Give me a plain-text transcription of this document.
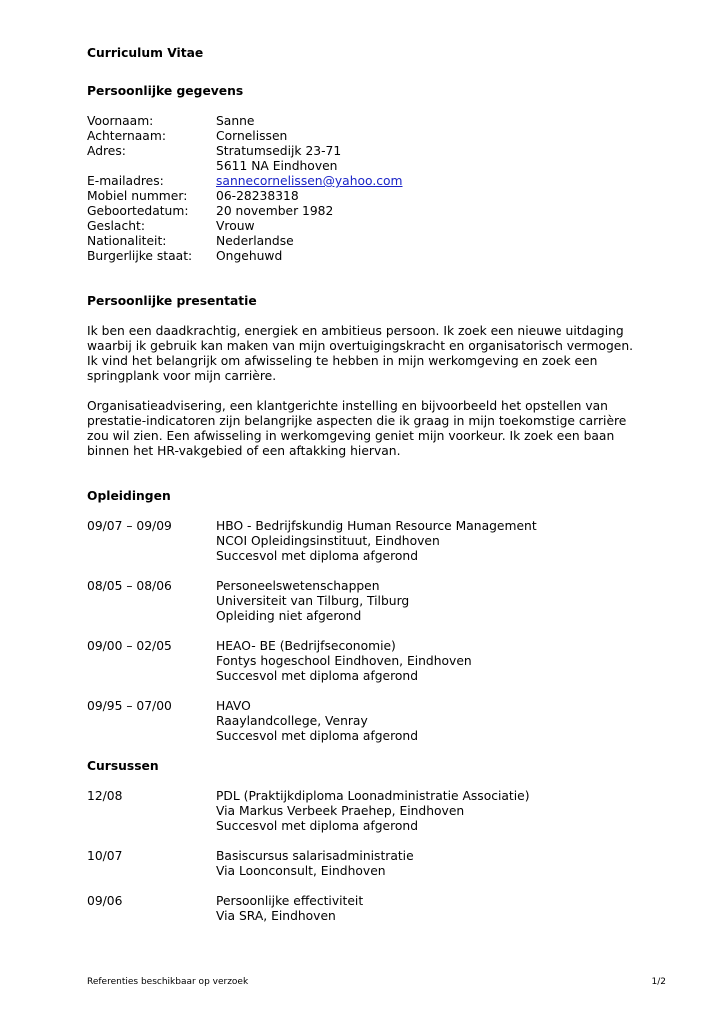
Curriculum Vitae

Persoonlijke gegevens

Voornaam:	Sanne
Achternaam:	Cornelissen
Adres:	Stratumsedijk 23-71
5611 NA Eindhoven
E-mailadres:	sannecornelissen@yahoo.com
Mobiel nummer:	06-28238318
Geboortedatum:	20 november 1982
Geslacht:	Vrouw
Nationaliteit:	Nederlandse
Burgerlijke staat:	Ongehuwd

Persoonlijke presentatie

Ik ben een daadkrachtig, energiek en ambitieus persoon. Ik zoek een nieuwe uitdaging

waarbij ik gebruik kan maken van mijn overtuigingskracht en organisatorisch vermogen.

Ik vind het belangrijk om afwisseling te hebben in mijn werkomgeving en zoek een

springplank voor mijn carrière.

Organisatieadvisering, een klantgerichte instelling en bijvoorbeeld het opstellen van

prestatie-indicatoren zijn belangrijke aspecten die ik graag in mijn toekomstige carrière

zou wil zien. Een afwisseling in werkomgeving geniet mijn voorkeur. Ik zoek een baan

binnen het HR-vakgebied of een aftakking hiervan.

Opleidingen

09/07 – 09/09	HBO - Bedrijfskundig Human Resource Management
NCOI Opleidingsinstituut, Eindhoven
Succesvol met diploma afgerond
08/05 – 08/06	Personeelswetenschappen
Universiteit van Tilburg, Tilburg
Opleiding niet afgerond
09/00 – 02/05	HEAO- BE (Bedrijfseconomie)
Fontys hogeschool Eindhoven, Eindhoven
Succesvol met diploma afgerond
09/95 – 07/00	HAVO
Raaylandcollege, Venray
Succesvol met diploma afgerond

Cursussen

12/08	PDL (Praktijkdiploma Loonadministratie Associatie)
Via Markus Verbeek Praehep, Eindhoven
Succesvol met diploma afgerond
10/07	Basiscursus salarisadministratie
Via Loonconsult, Eindhoven
09/06	Persoonlijke effectiviteit
Via SRA, Eindhoven
Referenties beschikbaar op verzoek	1/2
